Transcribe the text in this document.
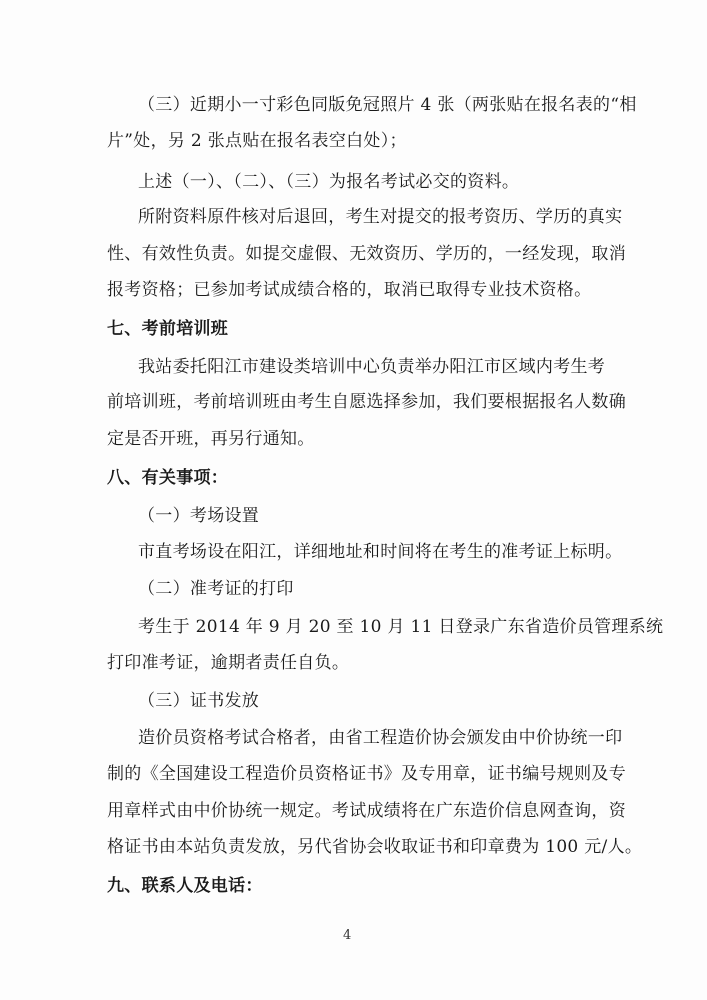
（三）近期小一寸彩色同版免冠照片 4 张（两张贴在报名表的“相
片”处，另 2 张点贴在报名表空白处）；
上述（一）、（二）、（三）为报名考试必交的资料。
所附资料原件核对后退回，考生对提交的报考资历、学历的真实
性、有效性负责。如提交虚假、无效资历、学历的，一经发现，取消
报考资格；已参加考试成绩合格的，取消已取得专业技术资格。
七、考前培训班
我站委托阳江市建设类培训中心负责举办阳江市区域内考生考
前培训班，考前培训班由考生自愿选择参加，我们要根据报名人数确
定是否开班，再另行通知。
八、有关事项：
（一）考场设置
市直考场设在阳江，详细地址和时间将在考生的准考证上标明。
（二）准考证的打印
考生于 2014 年 9 月 20 至 10 月 11 日登录广东省造价员管理系统
打印准考证，逾期者责任自负。
（三）证书发放
造价员资格考试合格者，由省工程造价协会颁发由中价协统一印
制的《全国建设工程造价员资格证书》及专用章，证书编号规则及专
用章样式由中价协统一规定。考试成绩将在广东造价信息网查询，资
格证书由本站负责发放，另代省协会收取证书和印章费为 100 元/人。
九、联系人及电话：
4
